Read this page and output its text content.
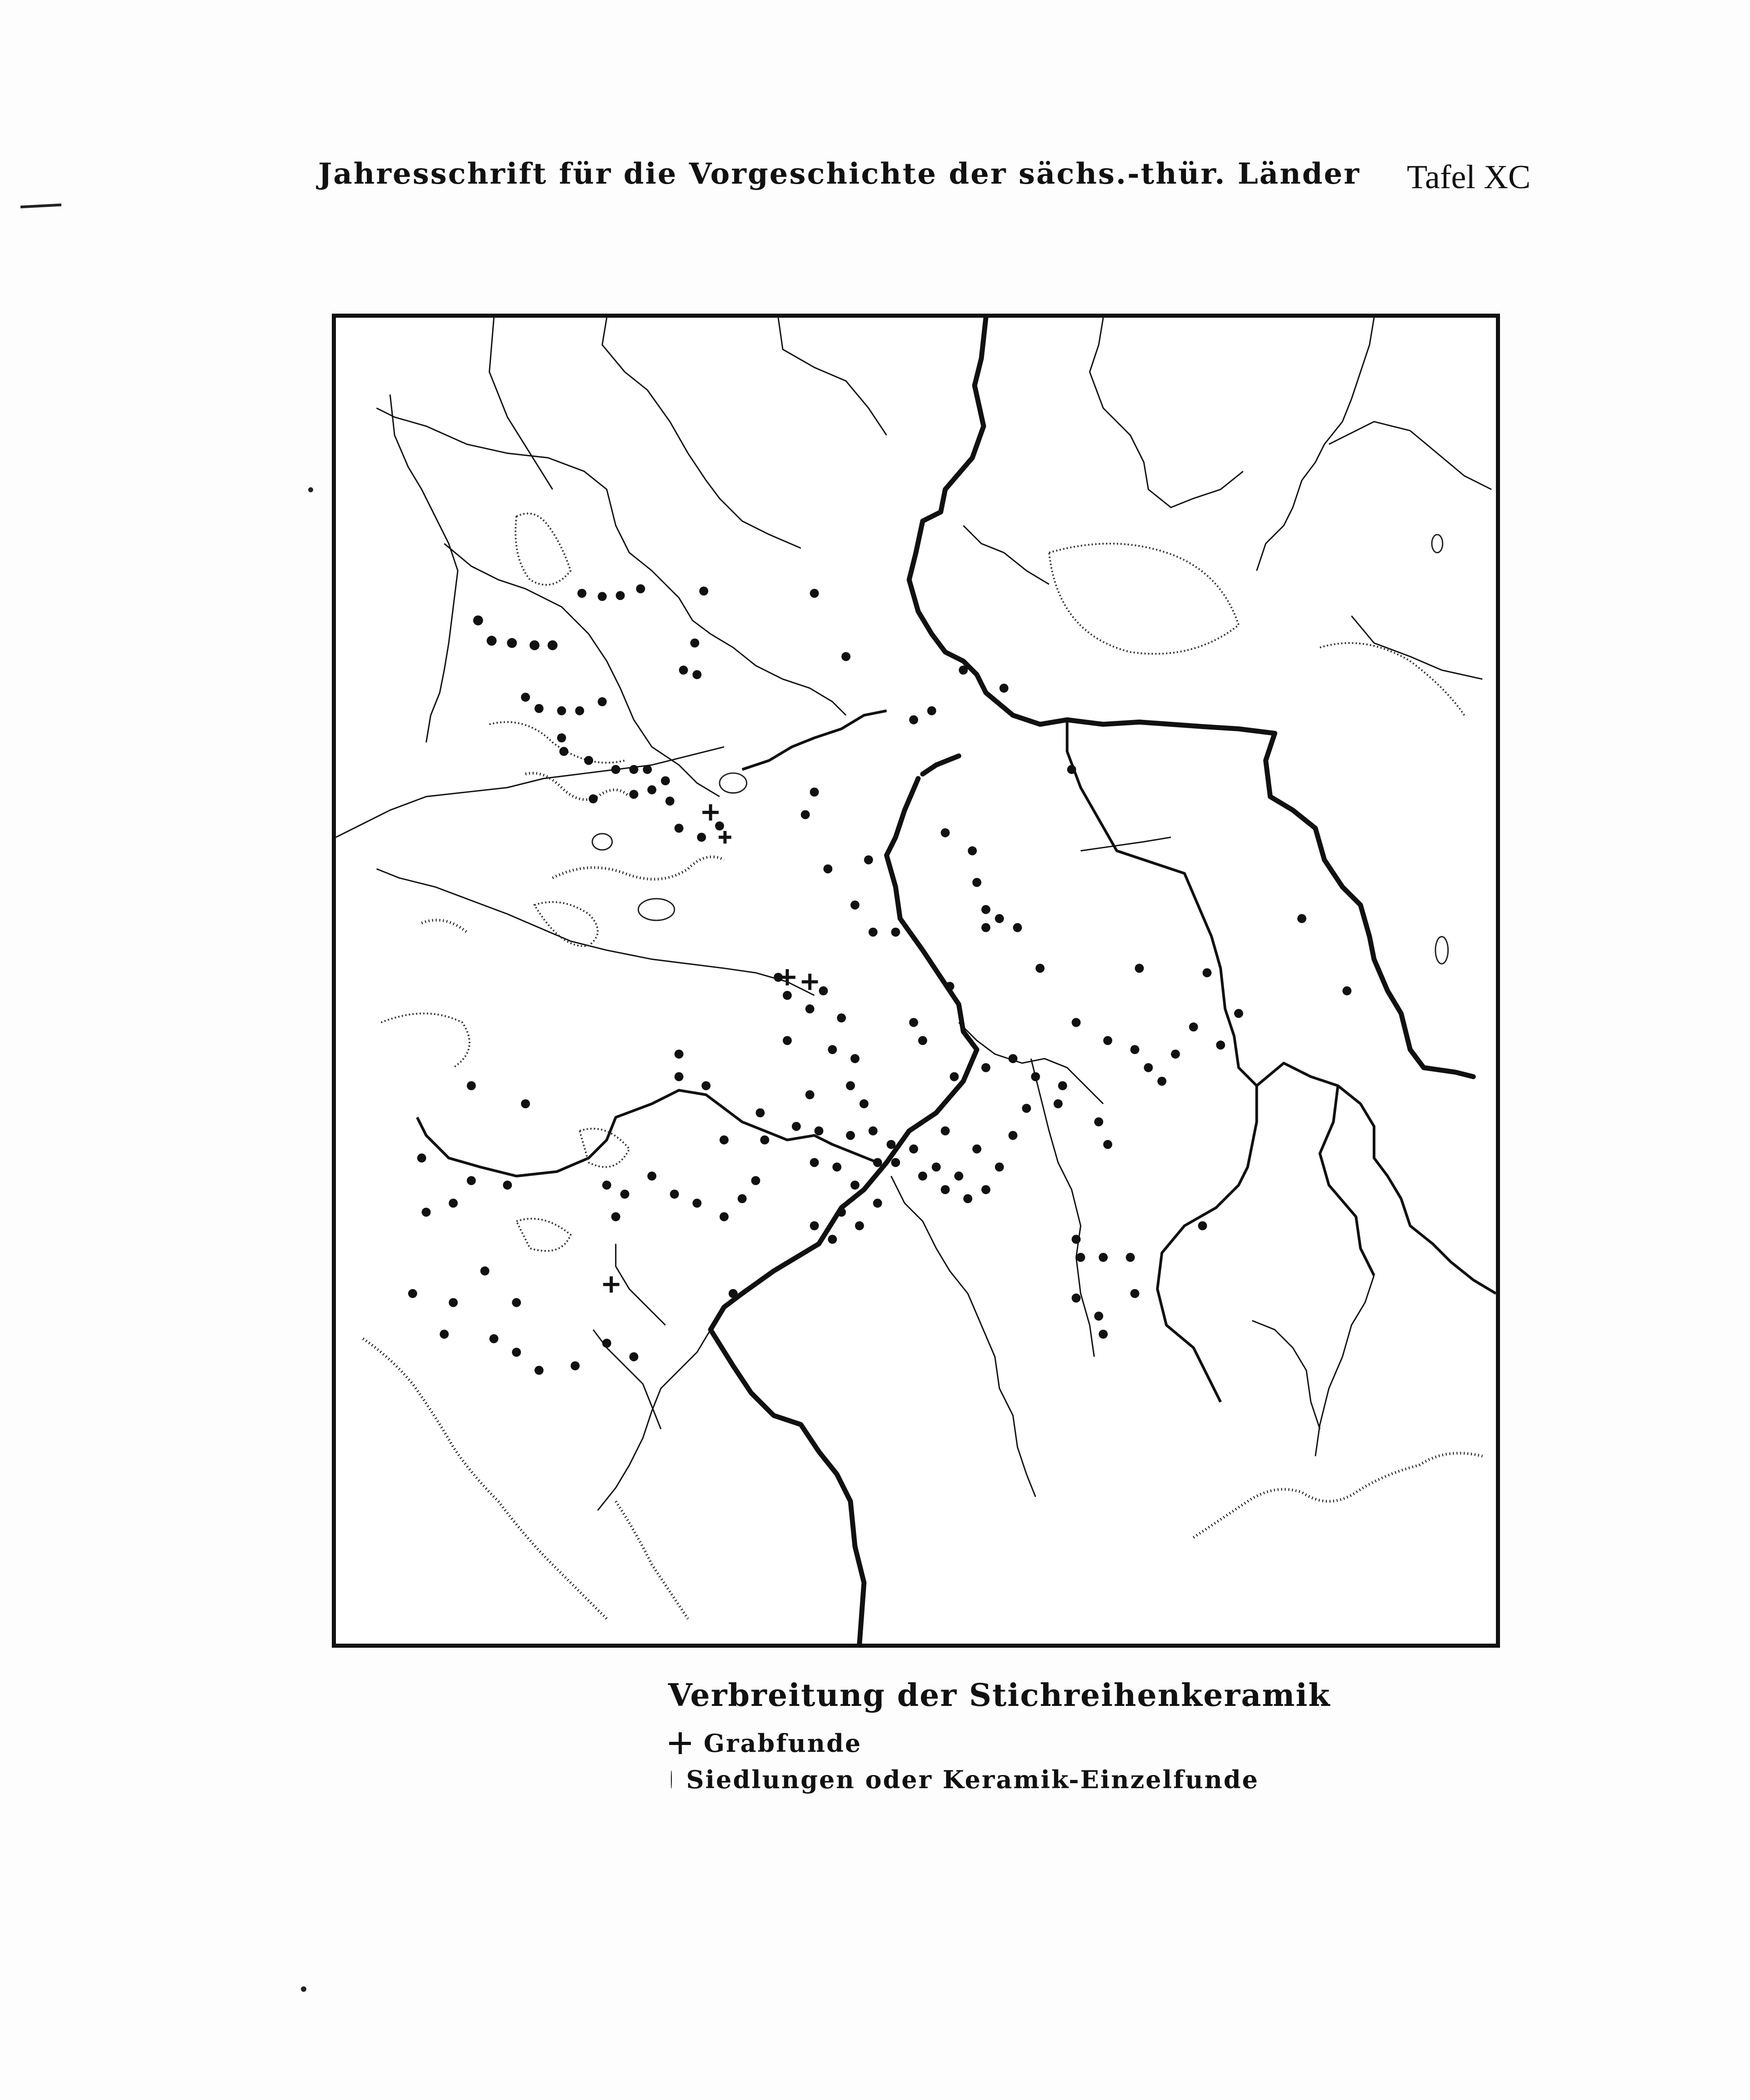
Jahresschrift für die Vorgeschichte der sächs.-thür. Länder Tafel XC
Verbreitung der Stichreihenkeramik
Grabfunde
Siedlungen oder Keramik-Einzelfunde
